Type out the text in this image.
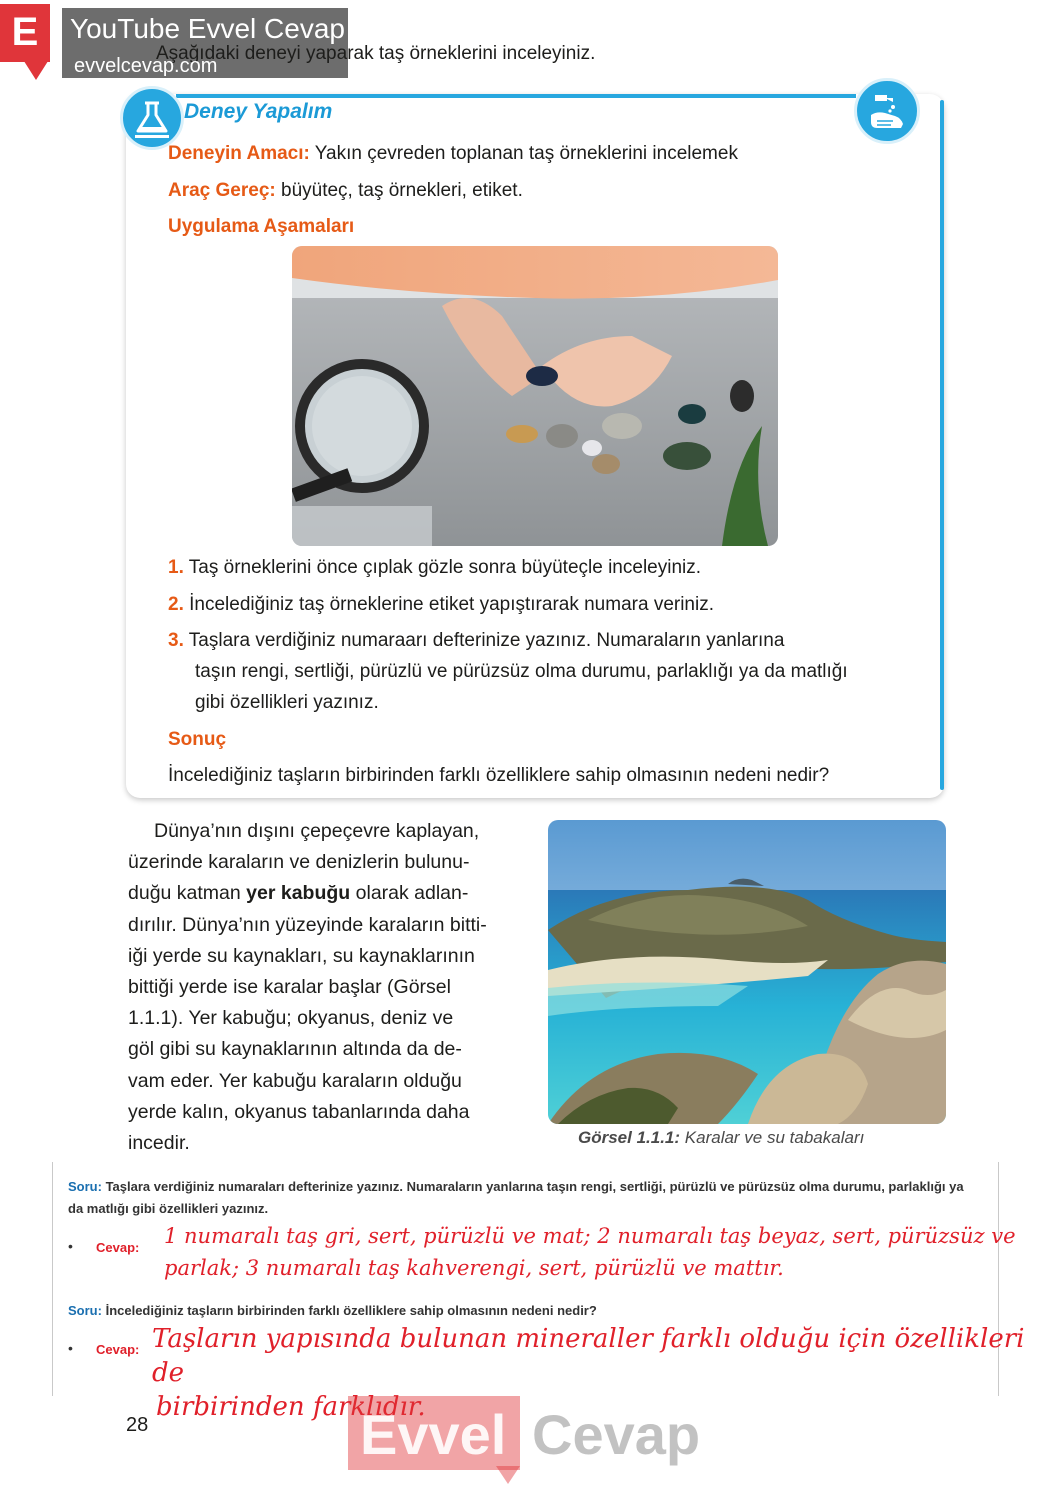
E	Aşağıdaki deneyi yaparak taş örneklerini inceleyiniz.
YouTube Evvel Cevap
evvelcevap.com
Deney Yapalım
Deneyin Amacı: Yakın çevreden toplanan taş örneklerini incelemek
Araç Gereç: büyüteç, taş örnekleri, etiket.
Uygulama Aşamaları
1. Taş örneklerini önce çıplak gözle sonra büyüteçle inceleyiniz.
2. İncelediğiniz taş örneklerine etiket yapıştırarak numara veriniz.
3. Taşlara verdiğiniz numaraarı defterinize yazınız. Numaraların yanlarına
taşın rengi, sertliği, pürüzlü ve pürüzsüz olma durumu, parlaklığı ya da matlığı
gibi özellikleri yazınız.
Sonuç
İncelediğiniz taşların birbirinden farklı özelliklere sahip olmasının nedeni nedir?
Dünya’nın dışını çepeçevre kaplayan,
üzerinde karaların ve denizlerin bulunu-
duğu katman yer kabuğu olarak adlan-
dırılır. Dünya’nın yüzeyinde karaların bitti-
iği yerde su kaynakları, su kaynaklarının
bittiği yerde ise karalar başlar (Görsel
1.1.1). Yer kabuğu; okyanus, deniz ve
göl gibi su kaynaklarının altında da de-
vam eder. Yer kabuğu karaların olduğu
yerde kalın, okyanus tabanlarında daha
incedir.	Görsel 1.1.1: Karalar ve su tabakaları
Soru: Taşlara verdiğiniz numaraları defterinize yazınız. Numaraların yanlarına taşın rengi, sertliği, pürüzlü ve pürüzsüz olma durumu, parlaklığı ya
da matlığı gibi özellikleri yazınız.
• Cevap: 1 numaralı taş gri, sert, pürüzlü ve mat; 2 numaralı taş beyaz, sert, pürüzsüz ve
parlak; 3 numaralı taş kahverengi, sert, pürüzlü ve mattır.
Soru: İncelediğiniz taşların birbirinden farklı özelliklere sahip olmasının nedeni nedir?
• Cevap: Taşların yapısında bulunan mineraller farklı olduğu için özellikleri de
birbirinden farklıdır.
28	Evvel Cevap
